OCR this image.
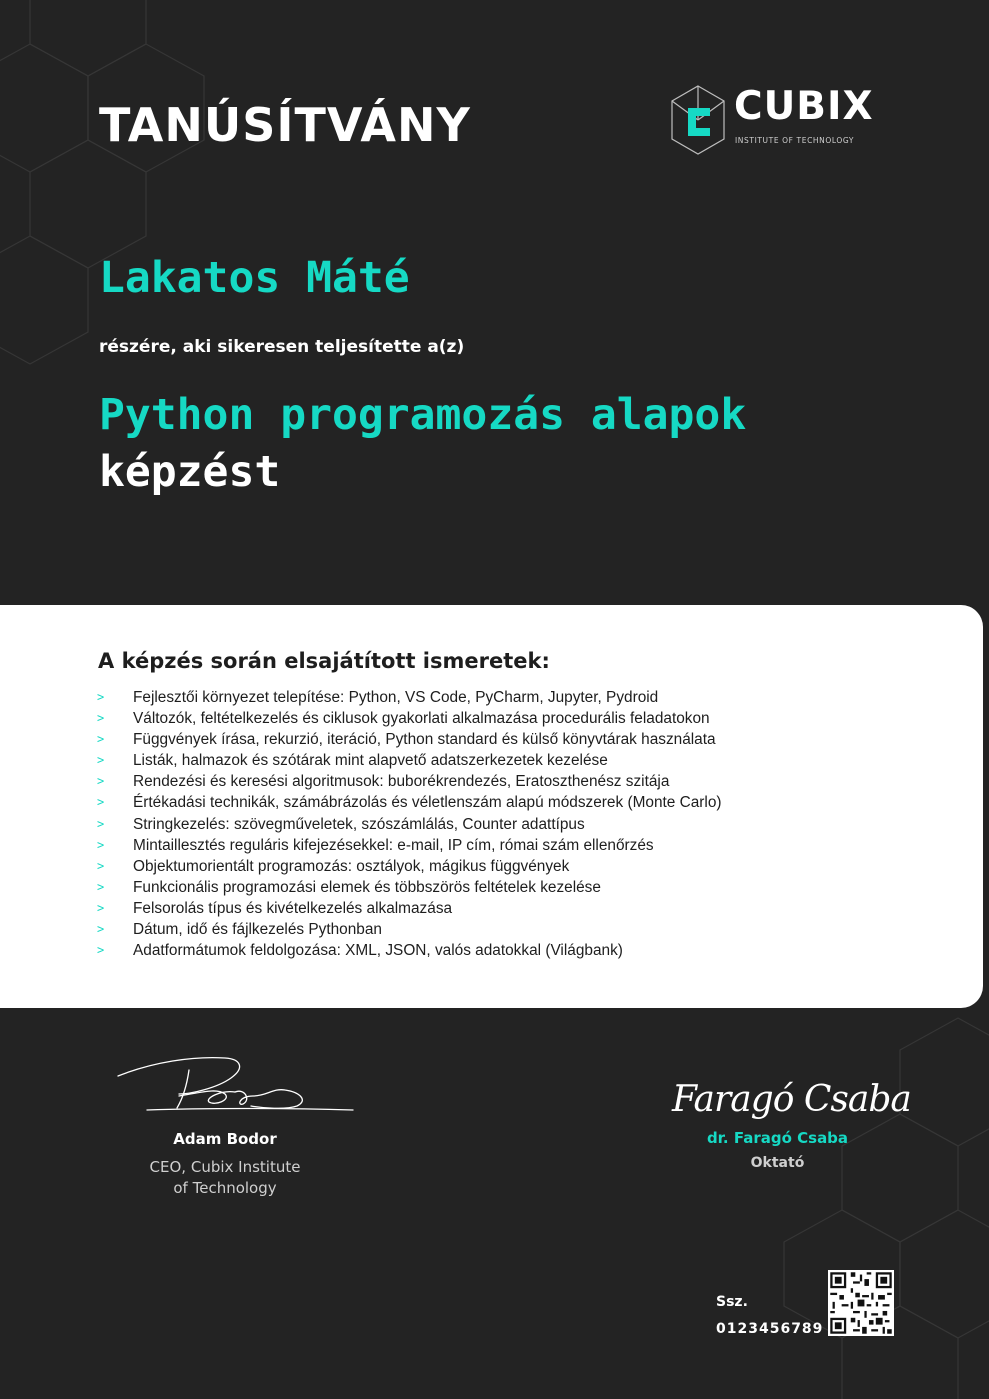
TANÚSÍTVÁNY	CUBIX
INSTITUTE OF TECHNOLOGY
Lakatos Máté
részére, aki sikeresen teljesítette a(z)
Python programozás alapok
képzést
A képzés során elsajátított ismeretek:
> Fejlesztői környezet telepítése: Python, VS Code, PyCharm, Jupyter, Pydroid
> Változók, feltételkezelés és ciklusok gyakorlati alkalmazása procedurális feladatokon
> Függvények írása, rekurzió, iteráció, Python standard és külső könyvtárak használata
> Listák, halmazok és szótárak mint alapvető adatszerkezetek kezelése
> Rendezési és keresési algoritmusok: buborékrendezés, Eratoszthenész szitája
> Értékadási technikák, számábrázolás és véletlenszám alapú módszerek (Monte Carlo)
> Stringkezelés: szövegműveletek, szószámlálás, Counter adattípus
> Mintaillesztés reguláris kifejezésekkel: e-mail, IP cím, római szám ellenőrzés
> Objektumorientált programozás: osztályok, mágikus függvények
> Funkcionális programozási elemek és többszörös feltételek kezelése
> Felsorolás típus és kivételkezelés alkalmazása
> Dátum, idő és fájlkezelés Pythonban
> Adatformátumok feldolgozása: XML, JSON, valós adatokkal (Világbank)
Adam Bodor
CEO, Cubix Institute
of Technology
Faragó Csaba
dr. Faragó Csaba
Oktató
Ssz.
0123456789
